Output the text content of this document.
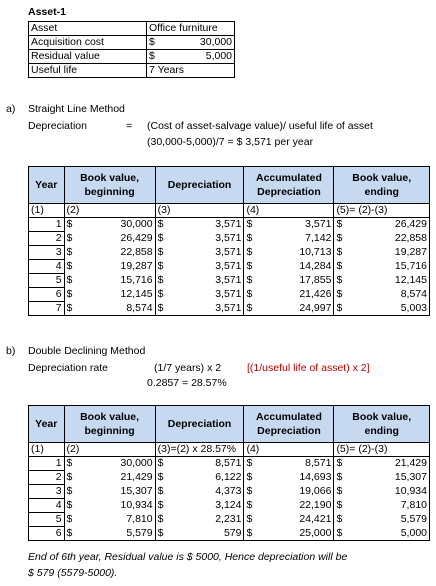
Asset-1
Asset	Office furniture	
Acquisition cost	$	30,000
Residual value	$	5,000
Useful life	7 Years	
a) Straight Line Method
Depreciation	= (Cost of asset-salvage value)/ useful life of asset
(30,000-5,000)/7 = $ 3,571 per year
Year	Book value, beginning		Depreciation		Accumulated Depreciation		Book value, ending	
(1)	(2)		(3)		(4)		(5)= (2)-(3)	
1	$	30,000	$	3,571	$	3,571	$	26,429
2	$	26,429	$	3,571	$	7,142	$	22,858
3	$	22,858	$	3,571	$	10,713	$	19,287
4	$	19,287	$	3,571	$	14,284	$	15,716
5	$	15,716	$	3,571	$	17,855	$	12,145
6	$	12,145	$	3,571	$	21,426	$	8,574
7	$	8,574	$	3,571	$	24,997	$	5,003
b) Double Declining Method
Depreciation rate	(1/7 years) x 2 [(1/useful life of asset) x 2]
0.2857 = 28.57%
Year	Book value, beginning		Depreciation		Accumulated Depreciation		Book value, ending	
(1)	(2)		(3)=(2) x 28.57%		(4)		(5)= (2)-(3)	
1	$	30,000	$	8,571	$	8,571	$	21,429
2	$	21,429	$	6,122	$	14,693	$	15,307
3	$	15,307	$	4,373	$	19,066	$	10,934
4	$	10,934	$	3,124	$	22,190	$	7,810
5	$	7,810	$	2,231	$	24,421	$	5,579
6	$	5,579	$	579	$	25,000	$	5,000
End of 6th year, Residual value is $ 5000, Hence depreciation will be
$ 579 (5579-5000).
